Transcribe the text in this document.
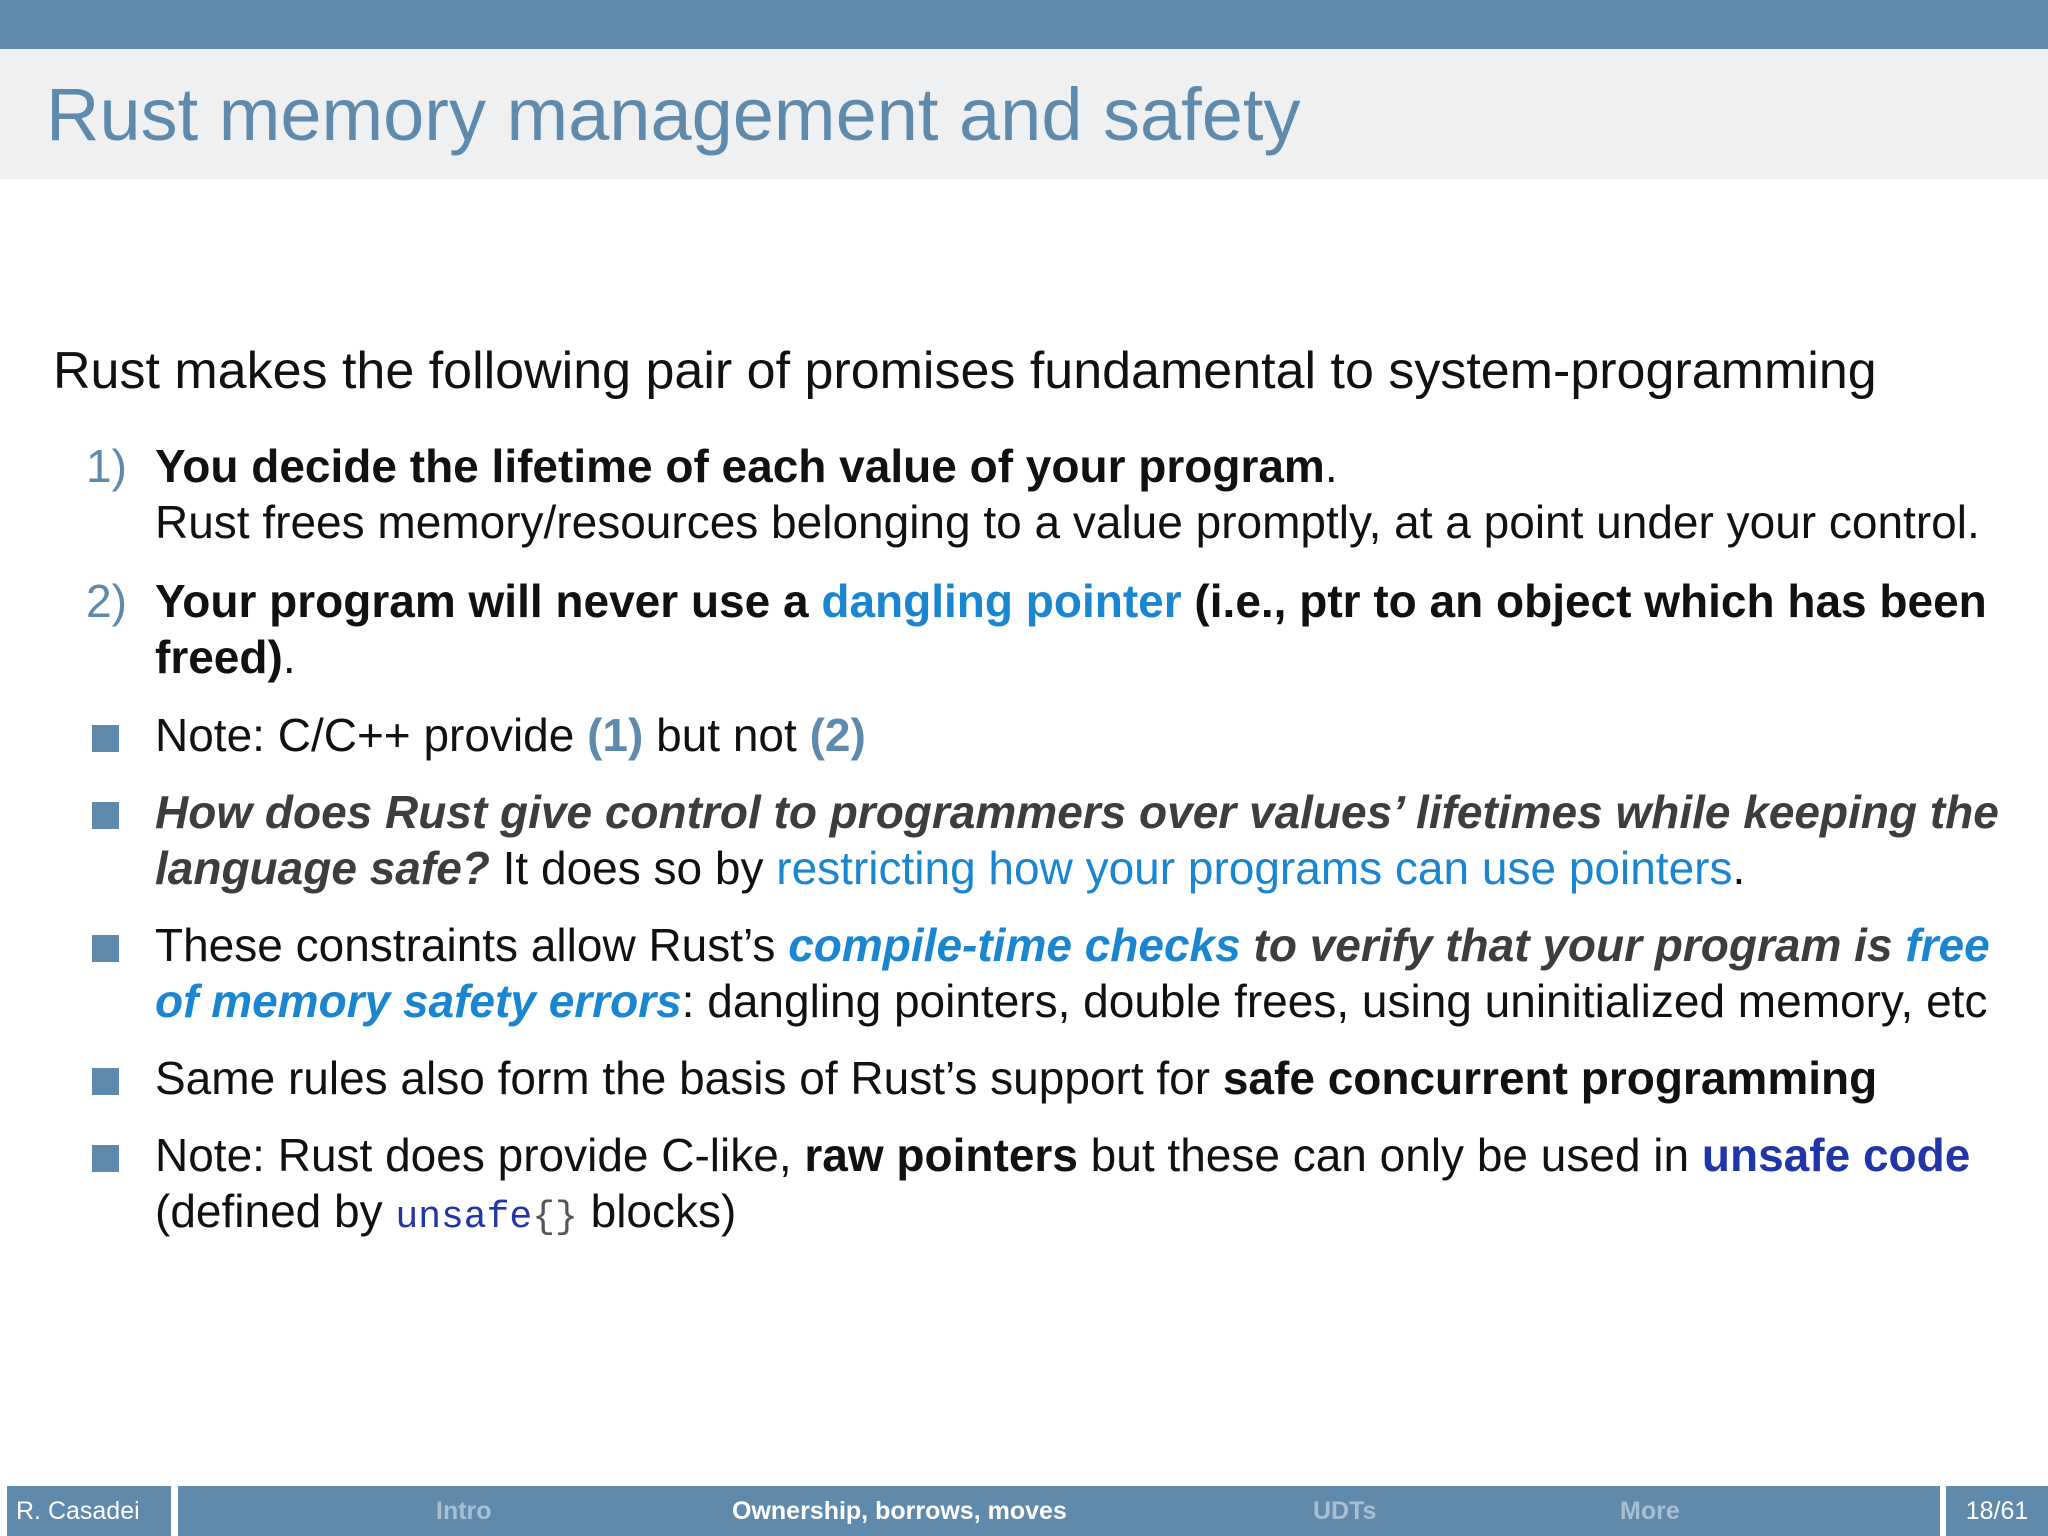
Rust memory management and safety

Rust makes the following pair of promises fundamental to system-programming

1) You decide the lifetime of each value of your program.
Rust frees memory/resources belonging to a value promptly, at a point under your control.

2) Your program will never use a dangling pointer (i.e., ptr to an object which has been freed).

Note: C/C++ provide (1) but not (2)

How does Rust give control to programmers over values’ lifetimes while keeping the language safe? It does so by restricting how your programs can use pointers.

These constraints allow Rust’s compile-time checks to verify that your program is free of memory safety errors: dangling pointers, double frees, using uninitialized memory, etc

Same rules also form the basis of Rust’s support for safe concurrent programming

Note: Rust does provide C-like, raw pointers but these can only be used in unsafe code
(defined by unsafe{} blocks)

R. Casadei	Intro	Ownership, borrows, moves	UDTs	More	18/61
